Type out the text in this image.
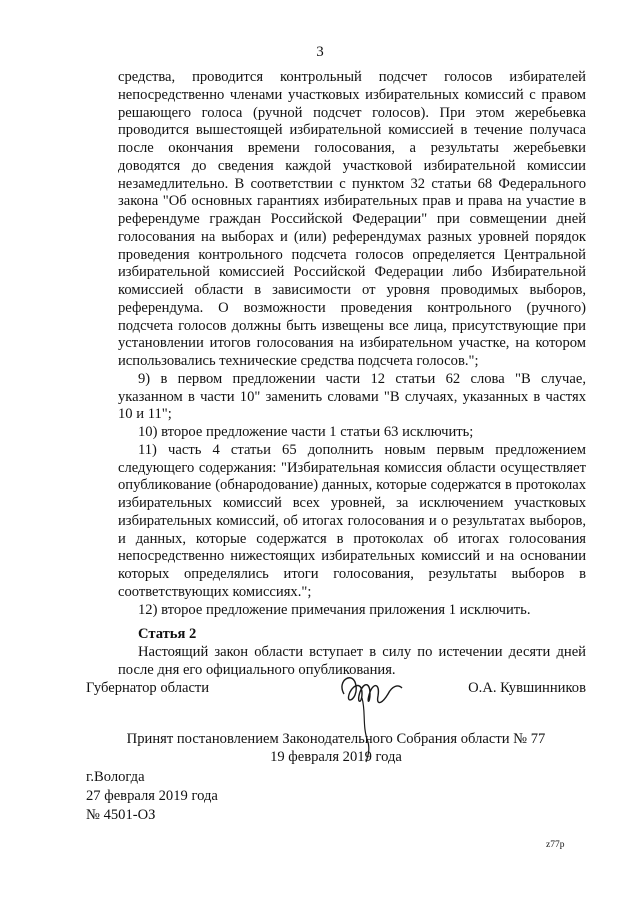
3

средства, проводится контрольный подсчет голосов избирателей непосредственно членами участковых избирательных комиссий с правом решающего голоса (ручной подсчет голосов). При этом жеребьевка проводится вышестоящей избирательной комиссией в течение получаса после окончания времени голосования, а результаты жеребьевки доводятся до сведения каждой участковой избирательной комиссии незамедлительно. В соответствии с пунктом 32 статьи 68 Федерального закона "Об основных гарантиях избирательных прав и права на участие в референдуме граждан Российской Федерации" при совмещении дней голосования на выборах и (или) референдумах разных уровней порядок проведения контрольного подсчета голосов определяется Центральной избирательной комиссией Российской Федерации либо Избирательной комиссией области в зависимости от уровня проводимых выборов, референдума. О возможности проведения контрольного (ручного) подсчета голосов должны быть извещены все лица, присутствующие при установлении итогов голосования на избирательном участке, на котором использовались технические средства подсчета голосов.";

9) в первом предложении части 12 статьи 62 слова "В случае, указанном в части 10" заменить словами "В случаях, указанных в частях 10 и 11";

10) второе предложение части 1 статьи 63 исключить;

11) часть 4 статьи 65 дополнить новым первым предложением следующего содержания: "Избирательная комиссия области осуществляет опубликование (обнародование) данных, которые содержатся в протоколах избирательных комиссий всех уровней, за исключением участковых избирательных комиссий, об итогах голосования и о результатах выборов, и данных, которые содержатся в протоколах об итогах голосования непосредственно нижестоящих избирательных комиссий и на основании которых определялись итоги голосования, результаты выборов в соответствующих комиссиях.";

12) второе предложение примечания приложения 1 исключить.

Статья 2

Настоящий закон области вступает в силу по истечении десяти дней после дня его официального опубликования.

Губернатор области	О.А. Кувшинников
Принят постановлением Законодательного Собрания области № 77
19 февраля 2019 года
г.Вологда
27 февраля 2019 года
№ 4501-ОЗ
z77p
